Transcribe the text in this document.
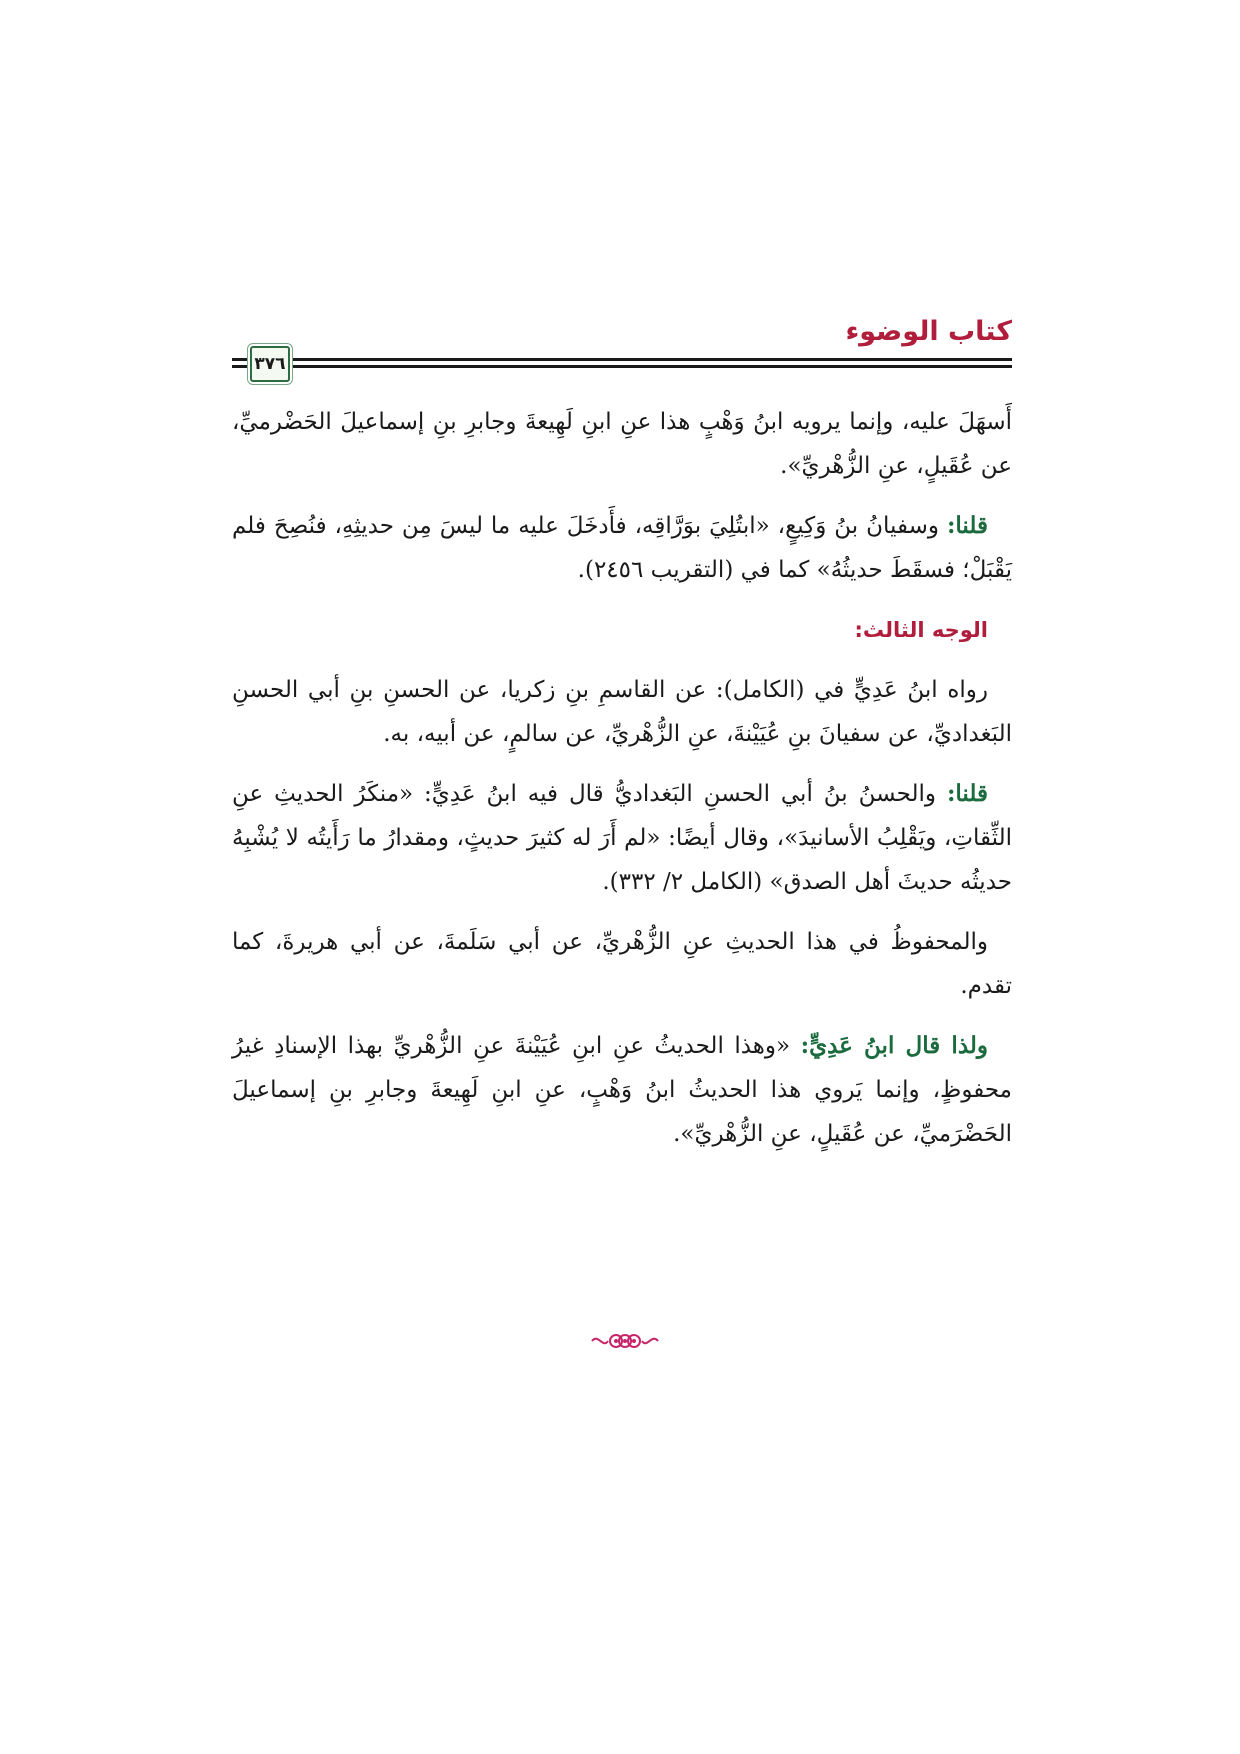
كتاب الوضوء
٣٧٦

أَسهَلَ عليه، وإنما يرويه ابنُ وَهْبٍ هذا عنِ ابنِ لَهِيعةَ وجابرِ بنِ إسماعيلَ الحَضْرميِّ، عن عُقَيلٍ، عنِ الزُّهْريِّ».

قلنا: وسفيانُ بنُ وَكِيعٍ، «ابتُلِيَ بوَرَّاقِه، فأَدخَلَ عليه ما ليسَ مِن حديثِهِ، فنُصِحَ فلم يَقْبَلْ؛ فسقَطَ حديثُهُ» كما في (التقريب ٢٤٥٦).

الوجه الثالث:

رواه ابنُ عَدِيٍّ في (الكامل): عن القاسمِ بنِ زكريا، عن الحسنِ بنِ أبي الحسنِ البَغداديِّ، عن سفيانَ بنِ عُيَيْنةَ، عنِ الزُّهْريِّ، عن سالمٍ، عن أبيه، به.

قلنا: والحسنُ بنُ أبي الحسنِ البَغداديُّ قال فيه ابنُ عَدِيٍّ: «منكَرُ الحديثِ عنِ الثِّقاتِ، ويَقْلِبُ الأسانيدَ»، وقال أيضًا: «لم أَرَ له كثيرَ حديثٍ، ومقدارُ ما رَأَيتُه لا يُشْبِهُ حديثُه حديثَ أهل الصدق» (الكامل ٢/ ٣٣٢).

والمحفوظُ في هذا الحديثِ عنِ الزُّهْريِّ، عن أبي سَلَمةَ، عن أبي هريرةَ، كما تقدم.

ولذا قال ابنُ عَدِيٍّ: «وهذا الحديثُ عنِ ابنِ عُيَيْنةَ عنِ الزُّهْريِّ بهذا الإسنادِ غيرُ محفوظٍ، وإنما يَروي هذا الحديثُ ابنُ وَهْبٍ، عنِ ابنِ لَهِيعةَ وجابرِ بنِ إسماعيلَ الحَضْرَميِّ، عن عُقَيلٍ، عنِ الزُّهْريِّ».
